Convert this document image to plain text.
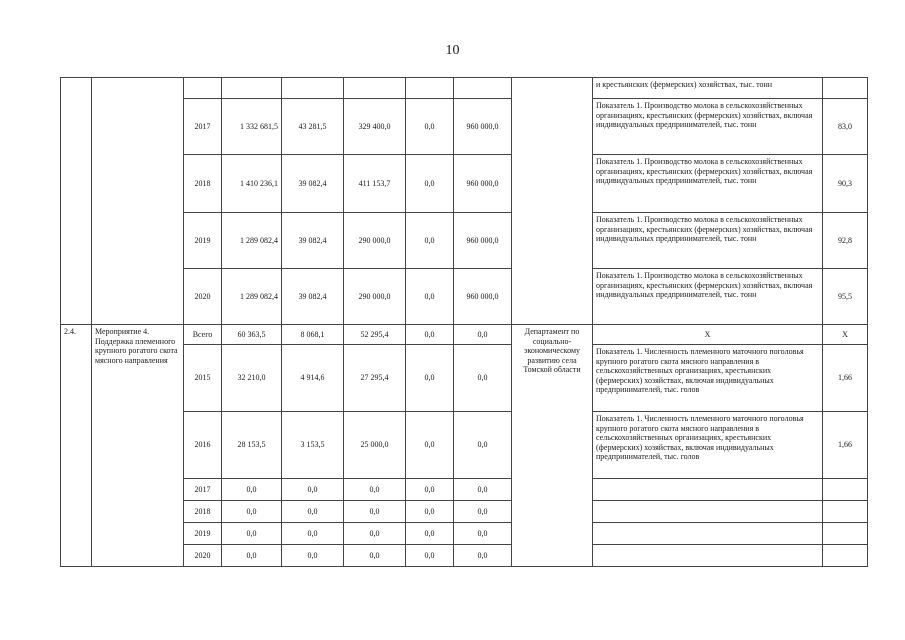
10
									и крестьянских (фермерских) хозяйствах, тыс. тонн	
		2017	1 332 681,5	43 281,5	329 400,0	0,0	960 000,0		Показатель 1. Производство молока в сельскохозяйственных организациях, крестьянских (фермерских) хозяйствах, включая индивидуальных предпринимателей, тыс. тонн	83,0
		2018	1 410 236,1	39 082,4	411 153,7	0,0	960 000,0		Показатель 1. Производство молока в сельскохозяйственных организациях, крестьянских (фермерских) хозяйствах, включая индивидуальных предпринимателей, тыс. тонн	90,3
		2019	1 289 082,4	39 082,4	290 000,0	0,0	960 000,0		Показатель 1. Производство молока в сельскохозяйственных организациях, крестьянских (фермерских) хозяйствах, включая индивидуальных предпринимателей, тыс. тонн	92,8
		2020	1 289 082,4	39 082,4	290 000,0	0,0	960 000,0		Показатель 1. Производство молока в сельскохозяйственных организациях, крестьянских (фермерских) хозяйствах, включая индивидуальных предпринимателей, тыс. тонн	95,5
2.4.	Мероприятие 4. Поддержка племенного крупного рогатого скота мясного направления	Всего	60 363,5	8 068,1	52 295,4	0,0	0,0	Департамент по социально-экономическому развитию села Томской области	X	X
		2015	32 210,0	4 914,6	27 295,4	0,0	0,0		Показатель 1. Численность племенного маточного поголовья крупного рогатого скота мясного направления в сельскохозяйственных организациях, крестьянских (фермерских) хозяйствах, включая индивидуальных предпринимателей, тыс. голов	1,66
		2016	28 153,5	3 153,5	25 000,0	0,0	0,0		Показатель 1. Численность племенного маточного поголовья крупного рогатого скота мясного направления в сельскохозяйственных организациях, крестьянских (фермерских) хозяйствах, включая индивидуальных предпринимателей, тыс. голов	1,66
		2017	0,0	0,0	0,0	0,0	0,0			
		2018	0,0	0,0	0,0	0,0	0,0			
		2019	0,0	0,0	0,0	0,0	0,0			
		2020	0,0	0,0	0,0	0,0	0,0			
